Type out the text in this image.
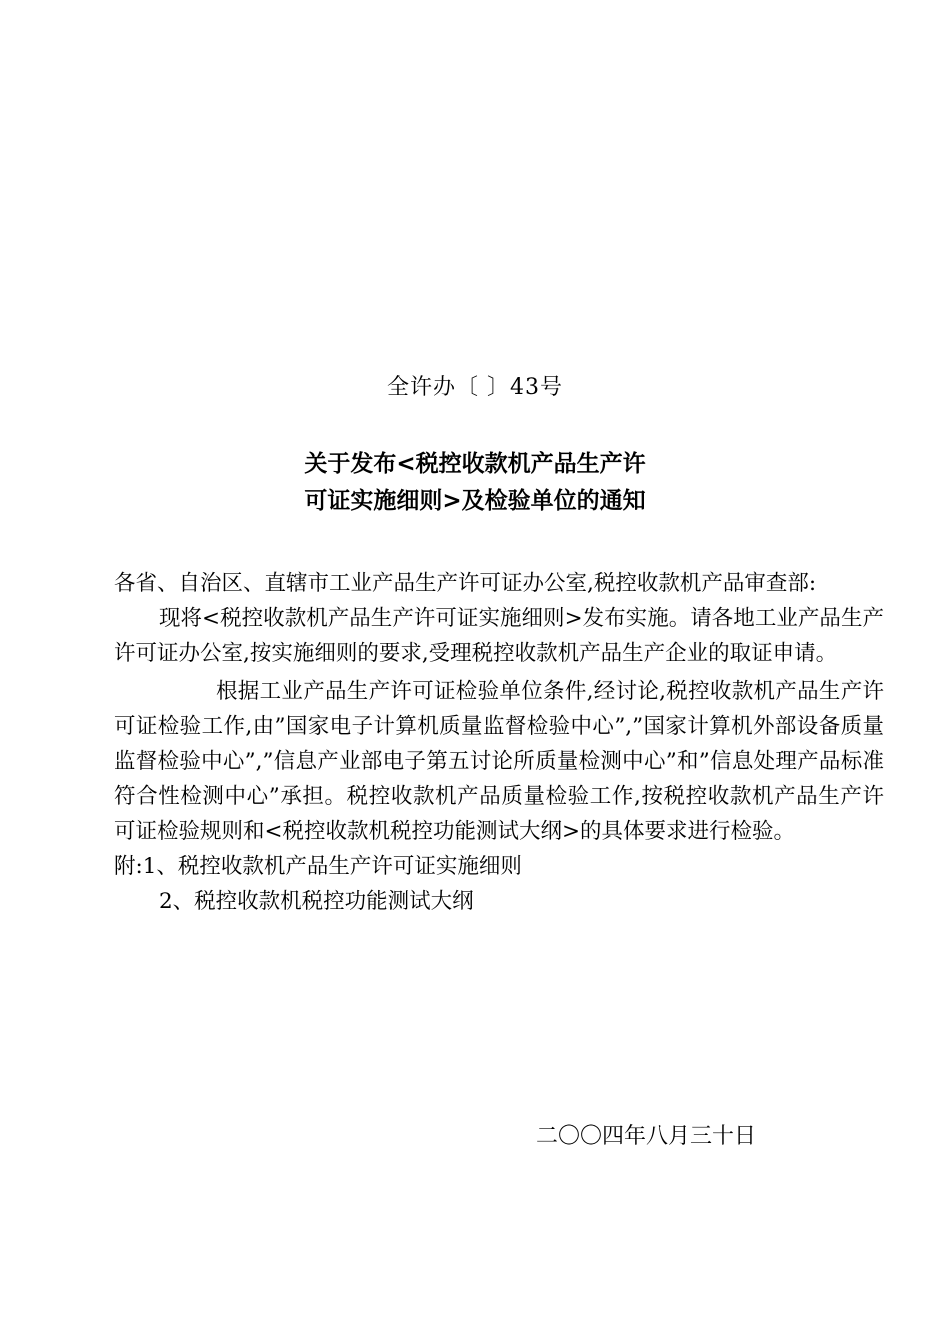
全许办〔 〕43号
关于发布<税控收款机产品生产许
可证实施细则>及检验单位的通知

各省、自治区、直辖市工业产品生产许可证办公室,税控收款机产品审查部:

现将<税控收款机产品生产许可证实施细则>发布实施。请各地工业产品生产许可证办公室,按实施细则的要求,受理税控收款机产品生产企业的取证申请。

根据工业产品生产许可证检验单位条件,经讨论,税控收款机产品生产许可证检验工作,由”国家电子计算机质量监督检验中心”,”国家计算机外部设备质量监督检验中心”,”信息产业部电子第五讨论所质量检测中心”和”信息处理产品标准符合性检测中心”承担。税控收款机产品质量检验工作,按税控收款机产品生产许可证检验规则和<税控收款机税控功能测试大纲>的具体要求进行检验。

附:1、税控收款机产品生产许可证实施细则

2、税控收款机税控功能测试大纲

二〇〇四年八月三十日
